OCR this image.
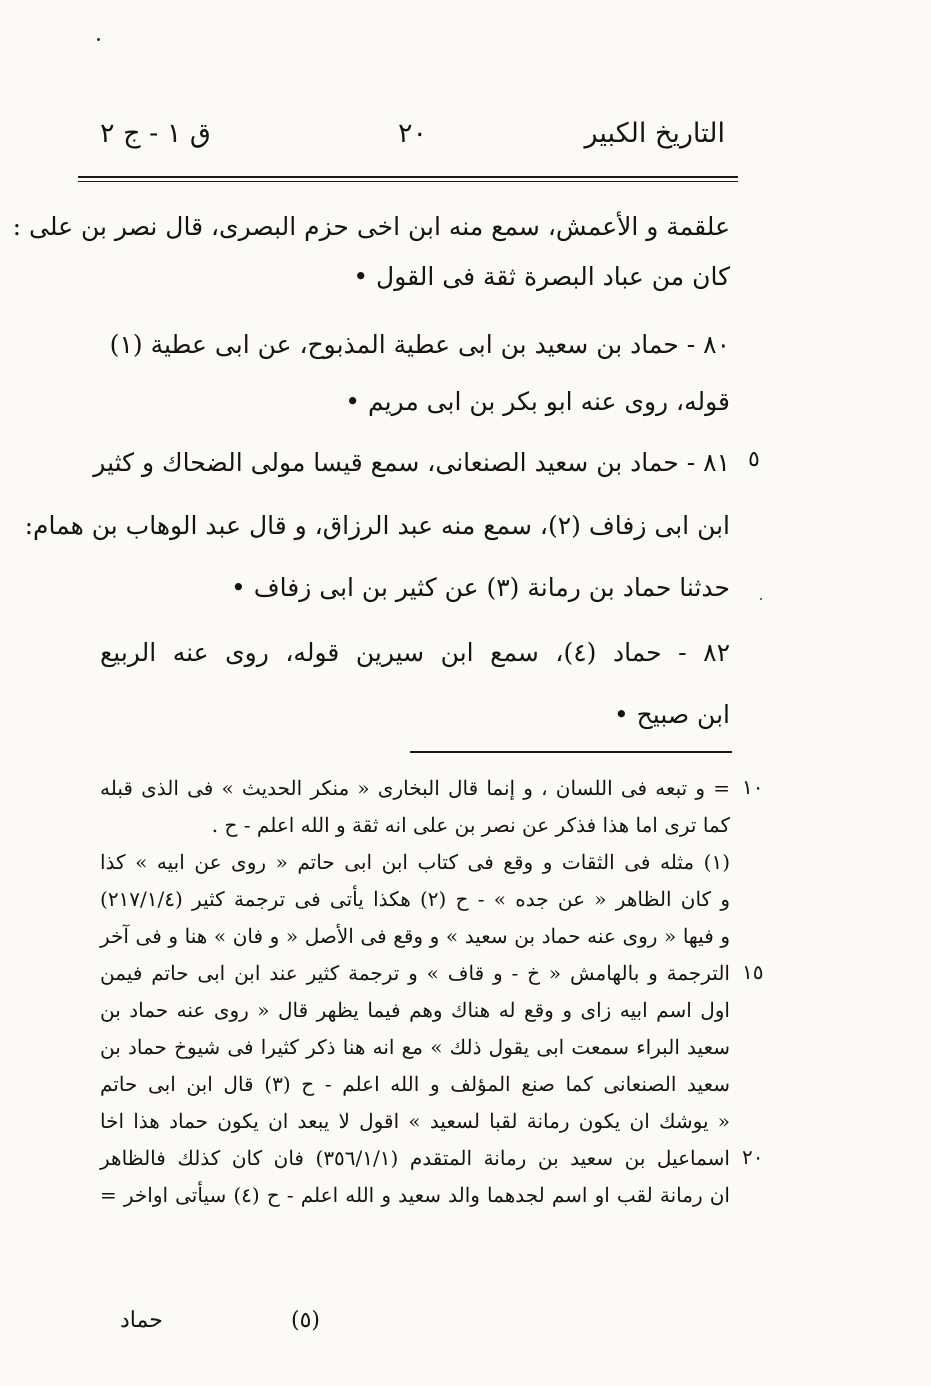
التاريخ الكبير
٢٠
ق ١ - ج ٢
علقمة و الأعمش، سمع منه ابن اخى حزم البصرى، قال نصر بن على :
كان من عباد البصرة ثقة فى القول •
٨٠ - حماد بن سعيد بن ابى عطية المذبوح، عن ابى عطية (١)
قوله، روى عنه ابو بكر بن ابى مريم •
٨١ - حماد بن سعيد الصنعانى، سمع قيسا مولى الضحاك و كثير
ابن ابى زفاف (٢)، سمع منه عبد الرزاق، و قال عبد الوهاب بن همام:
حدثنا حماد بن رمانة (٣) عن كثير بن ابى زفاف •
٨٢ - حماد (٤)، سمع ابن سيرين قوله، روى عنه الربيع
ابن صبيح •
٥
= و تبعه فى اللسان ، و إنما قال البخارى « منكر الحديث » فى الذى قبله
كما ترى اما هذا فذكر عن نصر بن على انه ثقة و الله اعلم - ح .
(١) مثله فى الثقات و وقع فى كتاب ابن ابى حاتم « روى عن ابيه » كذا
و كان الظاهر « عن جده » - ح (٢) هكذا يأتى فى ترجمة كثير (٢١٧/١/٤)
و فيها « روى عنه حماد بن سعيد » و وقع فى الأصل « و فان » هنا و فى آخر
الترجمة و بالهامش « خ - و قاف » و ترجمة كثير عند ابن ابى حاتم فيمن
اول اسم ابيه زاى و وقع له هناك وهم فيما يظهر قال « روى عنه حماد بن
سعيد البراء سمعت ابى يقول ذلك » مع انه هنا ذكر كثيرا فى شيوخ حماد بن
سعيد الصنعانى كما صنع المؤلف و الله اعلم - ح (٣) قال ابن ابى حاتم
« يوشك ان يكون رمانة لقبا لسعيد » اقول لا يبعد ان يكون حماد هذا اخا
اسماعيل بن سعيد بن رمانة المتقدم (٣٥٦/١/١) فان كان كذلك فالظاهر
ان رمانة لقب او اسم لجدهما والد سعيد و الله اعلم - ح (٤) سيأتى اواخر =
١٠
١٥
٢٠
(٥)
حماد
